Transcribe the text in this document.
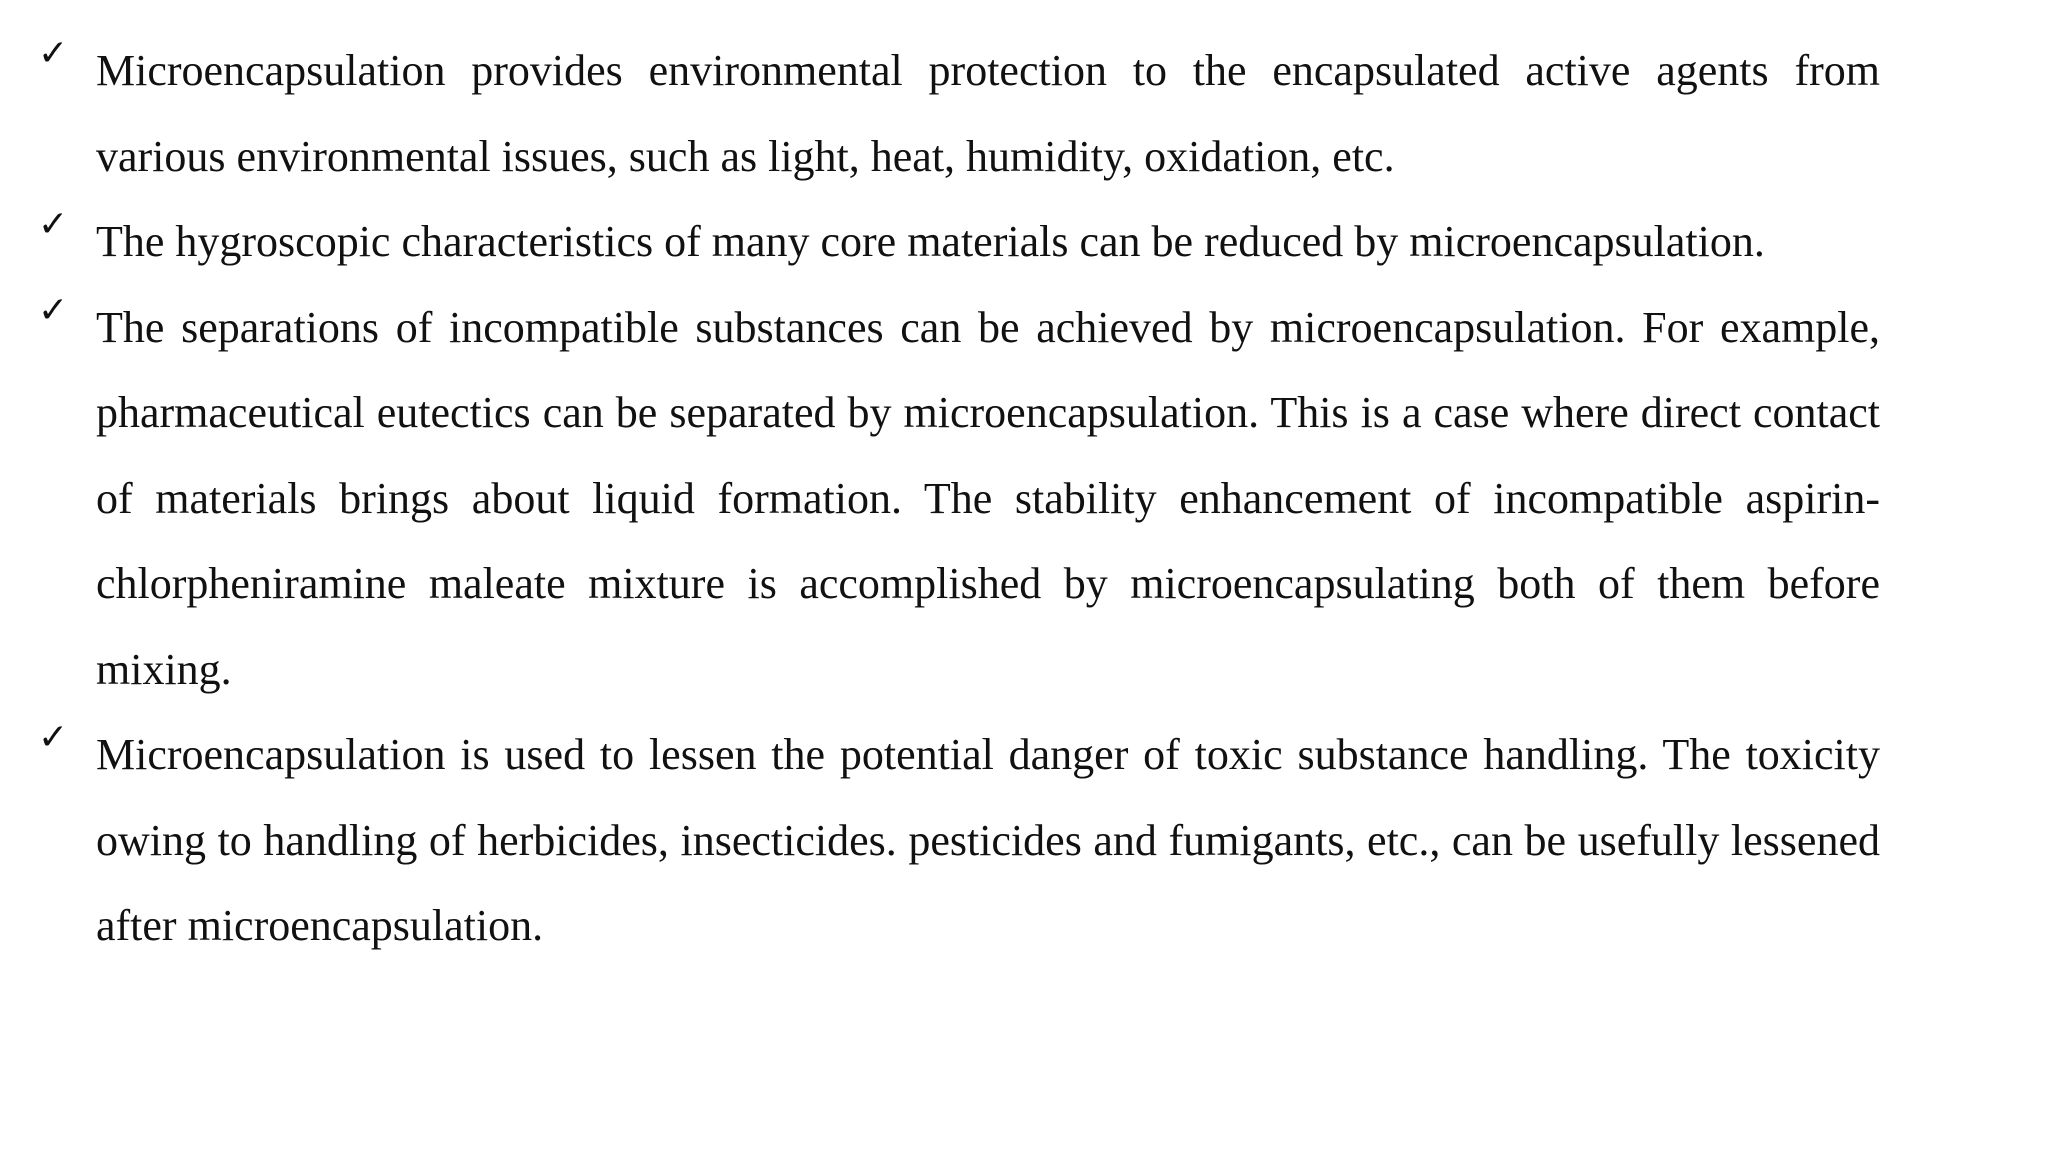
✓ Microencapsulation provides environmental protection to the encapsulated active agents from various environmental issues, such as light, heat, humidity, oxidation, etc.

✓ The hygroscopic characteristics of many core materials can be reduced by microencapsulation.

✓ The separations of incompatible substances can be achieved by microencapsulation. For example, pharmaceutical eutectics can be separated by microencapsulation. This is a case where direct contact of materials brings about liquid formation. The stability enhancement of incompatible aspirin-chlorpheniramine maleate mixture is accomplished by microencapsulating both of them before mixing.

✓ Microencapsulation is used to lessen the potential danger of toxic substance handling. The toxicity owing to handling of herbicides, insecticides. pesticides and fumigants, etc., can be usefully lessened after microencapsulation.
